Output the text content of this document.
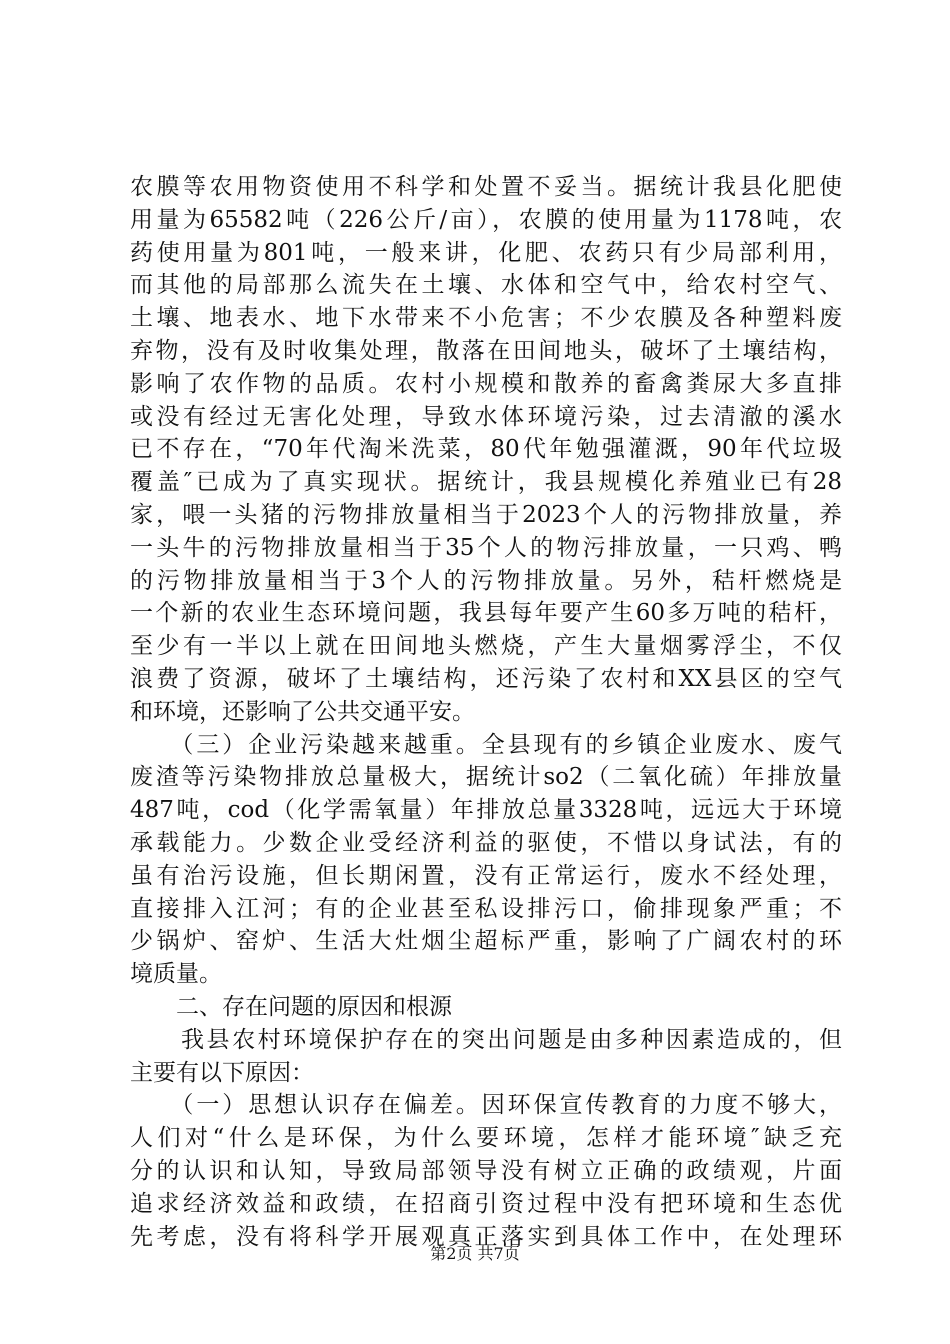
农膜等农用物资使用不科学和处置不妥当。据统计我县化肥使
用量为65582吨（226公斤/亩），农膜的使用量为1178吨，农
药使用量为801吨，一般来讲，化肥、农药只有少局部利用，
而其他的局部那么流失在土壤、水体和空气中，给农村空气、
土壤、地表水、地下水带来不小危害；不少农膜及各种塑料废
弃物，没有及时收集处理，散落在田间地头，破坏了土壤结构，
影响了农作物的品质。农村小规模和散养的畜禽粪尿大多直排
或没有经过无害化处理，导致水体环境污染，过去清澈的溪水
已不存在，“70年代淘米洗菜，80代年勉强灌溉，90年代垃圾
覆盖″已成为了真实现状。据统计，我县规模化养殖业已有28
家，喂一头猪的污物排放量相当于2023个人的污物排放量，养
一头牛的污物排放量相当于35个人的物污排放量，一只鸡、鸭
的污物排放量相当于3个人的污物排放量。另外，秸杆燃烧是
一个新的农业生态环境问题，我县每年要产生60多万吨的秸杆，
至少有一半以上就在田间地头燃烧，产生大量烟雾浮尘，不仅
浪费了资源，破坏了土壤结构，还污染了农村和XX县区的空气
和环境，还影响了公共交通平安。
　　（三）企业污染越来越重。全县现有的乡镇企业废水、废气
废渣等污染物排放总量极大，据统计so2（二氧化硫）年排放量
487吨，cod（化学需氧量）年排放总量3328吨，远远大于环境
承载能力。少数企业受经济利益的驱使，不惜以身试法，有的
虽有治污设施，但长期闲置，没有正常运行，废水不经处理，
直接排入江河；有的企业甚至私设排污口，偷排现象严重；不
少锅炉、窑炉、生活大灶烟尘超标严重，影响了广阔农村的环
境质量。
　　二、存在问题的原因和根源
　　我县农村环境保护存在的突出问题是由多种因素造成的，但
主要有以下原因：
　　（一）思想认识存在偏差。因环保宣传教育的力度不够大，
人们对“什么是环保，为什么要环境，怎样才能环境″缺乏充
分的认识和认知，导致局部领导没有树立正确的政绩观，片面
追求经济效益和政绩，在招商引资过程中没有把环境和生态优
先考虑，没有将科学开展观真正落实到具体工作中，在处理环
第2页 共7页
